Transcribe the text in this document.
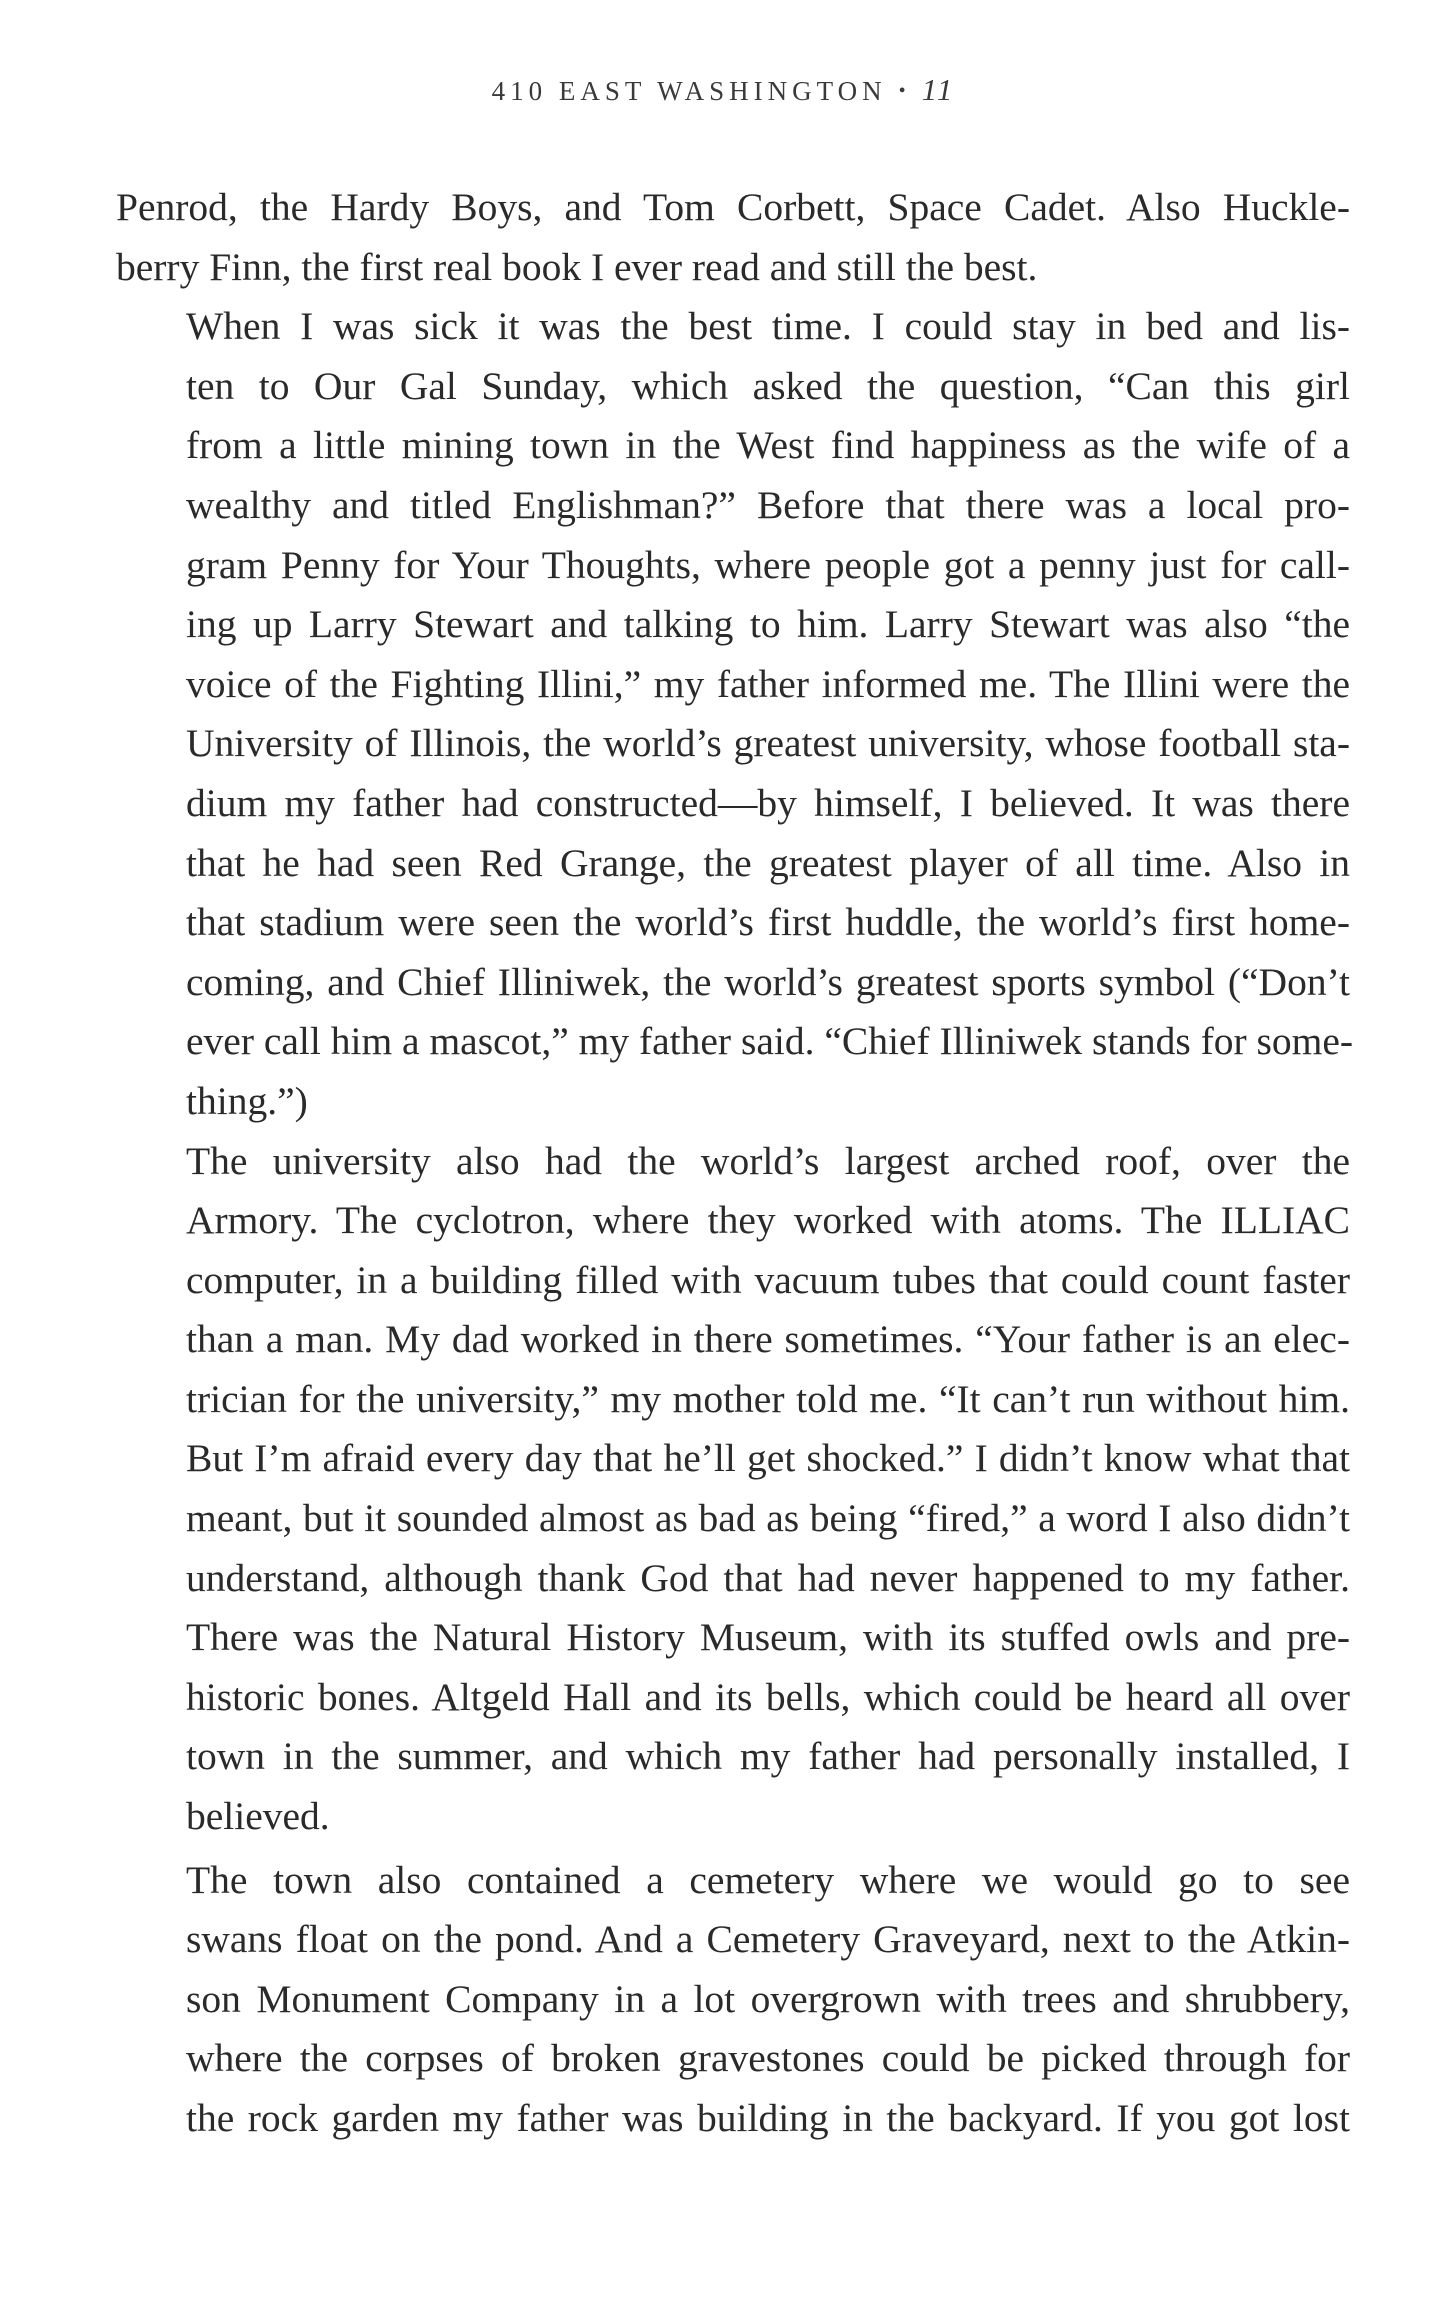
410 EAST WASHINGTON • 11

Penrod, the Hardy Boys, and Tom Corbett, Space Cadet. Also Huckle-
berry Finn, the first real book I ever read and still the best.

When I was sick it was the best time. I could stay in bed and lis-
ten to Our Gal Sunday, which asked the question, “Can this girl
from a little mining town in the West find happiness as the wife of a
wealthy and titled Englishman?” Before that there was a local pro-
gram Penny for Your Thoughts, where people got a penny just for call-
ing up Larry Stewart and talking to him. Larry Stewart was also “the
voice of the Fighting Illini,” my father informed me. The Illini were the
University of Illinois, the world’s greatest university, whose football sta-
dium my father had constructed—by himself, I believed. It was there
that he had seen Red Grange, the greatest player of all time. Also in
that stadium were seen the world’s first huddle, the world’s first home-
coming, and Chief Illiniwek, the world’s greatest sports symbol (“Don’t
ever call him a mascot,” my father said. “Chief Illiniwek stands for some-
thing.”)

The university also had the world’s largest arched roof, over the
Armory. The cyclotron, where they worked with atoms. The ILLIAC
computer, in a building filled with vacuum tubes that could count faster
than a man. My dad worked in there sometimes. “Your father is an elec-
trician for the university,” my mother told me. “It can’t run without him.
But I’m afraid every day that he’ll get shocked.” I didn’t know what that
meant, but it sounded almost as bad as being “fired,” a word I also didn’t
understand, although thank God that had never happened to my father.
There was the Natural History Museum, with its stuffed owls and pre-
historic bones. Altgeld Hall and its bells, which could be heard all over
town in the summer, and which my father had personally installed, I
believed.

The town also contained a cemetery where we would go to see
swans float on the pond. And a Cemetery Graveyard, next to the Atkin-
son Monument Company in a lot overgrown with trees and shrubbery,
where the corpses of broken gravestones could be picked through for
the rock garden my father was building in the backyard. If you got lost
